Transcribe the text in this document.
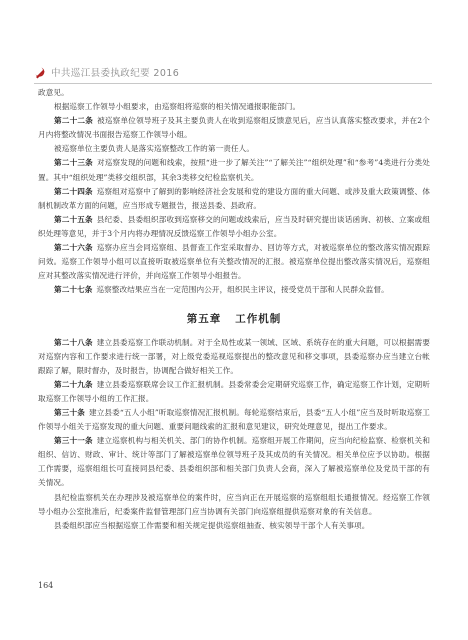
中共巡江县委执政纪要 2016

政意见。

根据巡察工作领导小组要求，由巡察组将巡察的相关情况通报职能部门。

第二十二条 被巡察单位领导班子及其主要负责人在收到巡察组反馈意见后，应当认真落实整改要求，并在2个月内将整改情况书面报告巡察工作领导小组。

被巡察单位主要负责人是落实巡察整改工作的第一责任人。

第二十三条 对巡察发现的问题和线索，按照“进一步了解关注”“了解关注”“组织处理”和“参考”4类进行分类处置。其中“组织处理”类移交组织部，其余3类移交纪检监察机关。

第二十四条 巡察组对巡察中了解到的影响经济社会发展和党的建设方面的重大问题、或涉及重大政策调整、体制机制改革方面的问题，应当形成专题报告，报送县委、县政府。

第二十五条 县纪委、县委组织部收到巡察移交的问题或线索后，应当及时研究提出谈话函询、初核、立案或组织处理等意见，并于3个月内将办理情况反馈巡察工作领导小组办公室。

第二十六条 巡察办应当会同巡察组、县督查工作室采取督办、回访等方式，对被巡察单位的整改落实情况跟踪问效。巡察工作领导小组可以直接听取被巡察单位有关整改情况的汇报。被巡察单位提出整改落实情况后，巡察组应对其整改落实情况进行评价，并向巡察工作领导小组报告。

第二十七条 巡察整改结果应当在一定范围内公开，组织民主评议，接受党员干部和人民群众监督。

第五章 工作机制

第二十八条 建立县委巡察工作联动机制。对于全局性或某一领域、区域、系统存在的重大问题，可以根据需要对巡察内容和工作要求进行统一部署，对上级党委巡视巡察提出的整改意见和移交事项，县委巡察办应当建立台帐跟踪了解，限时督办，及时报告，协调配合做好相关工作。

第二十九条 建立县委巡察联席会议工作汇报机制。县委常委会定期研究巡察工作，确定巡察工作计划，定期听取巡察工作领导小组的工作汇报。

第三十条 建立县委“五人小组”听取巡察情况汇报机制。每轮巡察结束后，县委“五人小组”应当及时听取巡察工作领导小组关于巡察发现的重大问题、重要问题线索的汇报和意见建议，研究处理意见，提出工作要求。

第三十一条 建立巡察机构与相关机关、部门的协作机制。巡察组开展工作期间，应当向纪检监察、检察机关和组织、信访、财政、审计、统计等部门了解被巡察单位领导班子及其成员的有关情况。相关单位应予以协助。根据工作需要，巡察组组长可直接同县纪委、县委组织部和相关部门负责人会商，深入了解被巡察单位及党员干部的有关情况。

县纪检监察机关在办理涉及被巡察单位的案件时，应当向正在开展巡察的巡察组组长通报情况。经巡察工作领导小组办公室批准后，纪委案件监督管理部门应当协调有关部门向巡察组提供巡察对象的有关信息。

县委组织部应当根据巡察工作需要和相关规定提供巡察组抽查、核实领导干部个人有关事项。

164
